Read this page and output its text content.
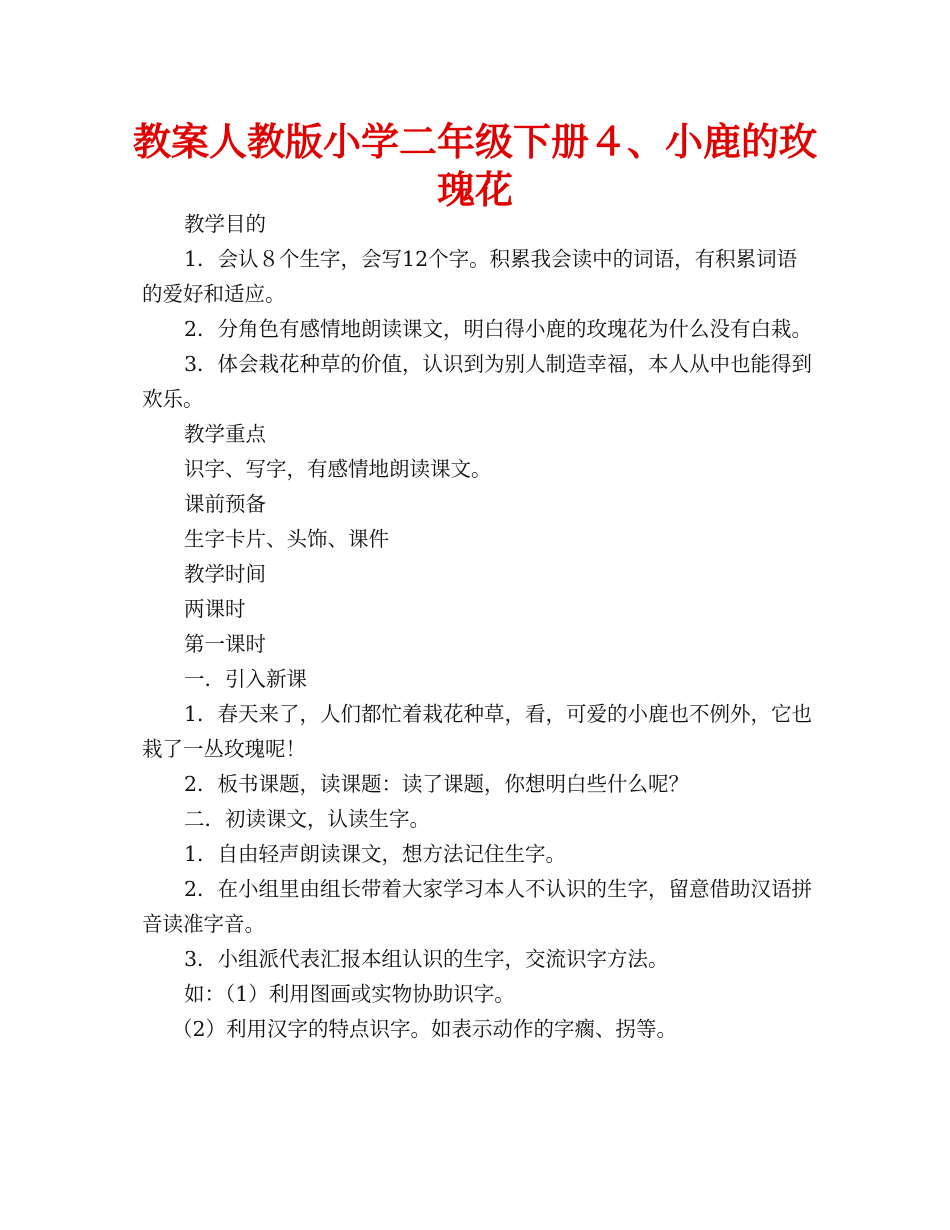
教案人教版小学二年级下册４、小鹿的玫瑰花

教学目的

1．会认８个生字，会写12个字。积累我会读中的词语，有积累词语的爱好和适应。

2．分角色有感情地朗读课文，明白得小鹿的玫瑰花为什么没有白栽。

3．体会栽花种草的价值，认识到为别人制造幸福，本人从中也能得到欢乐。

教学重点

识字、写字，有感情地朗读课文。

课前预备

生字卡片、头饰、课件

教学时间

两课时

第一课时

一．引入新课

1．春天来了，人们都忙着栽花种草，看，可爱的小鹿也不例外，它也栽了一丛玫瑰呢！

2．板书课题，读课题：读了课题，你想明白些什么呢？

二．初读课文，认读生字。

1．自由轻声朗读课文，想方法记住生字。

2．在小组里由组长带着大家学习本人不认识的生字，留意借助汉语拼音读准字音。

3．小组派代表汇报本组认识的生字，交流识字方法。

如：（1）利用图画或实物协助识字。

（2）利用汉字的特点识字。如表示动作的字瘸、拐等。
